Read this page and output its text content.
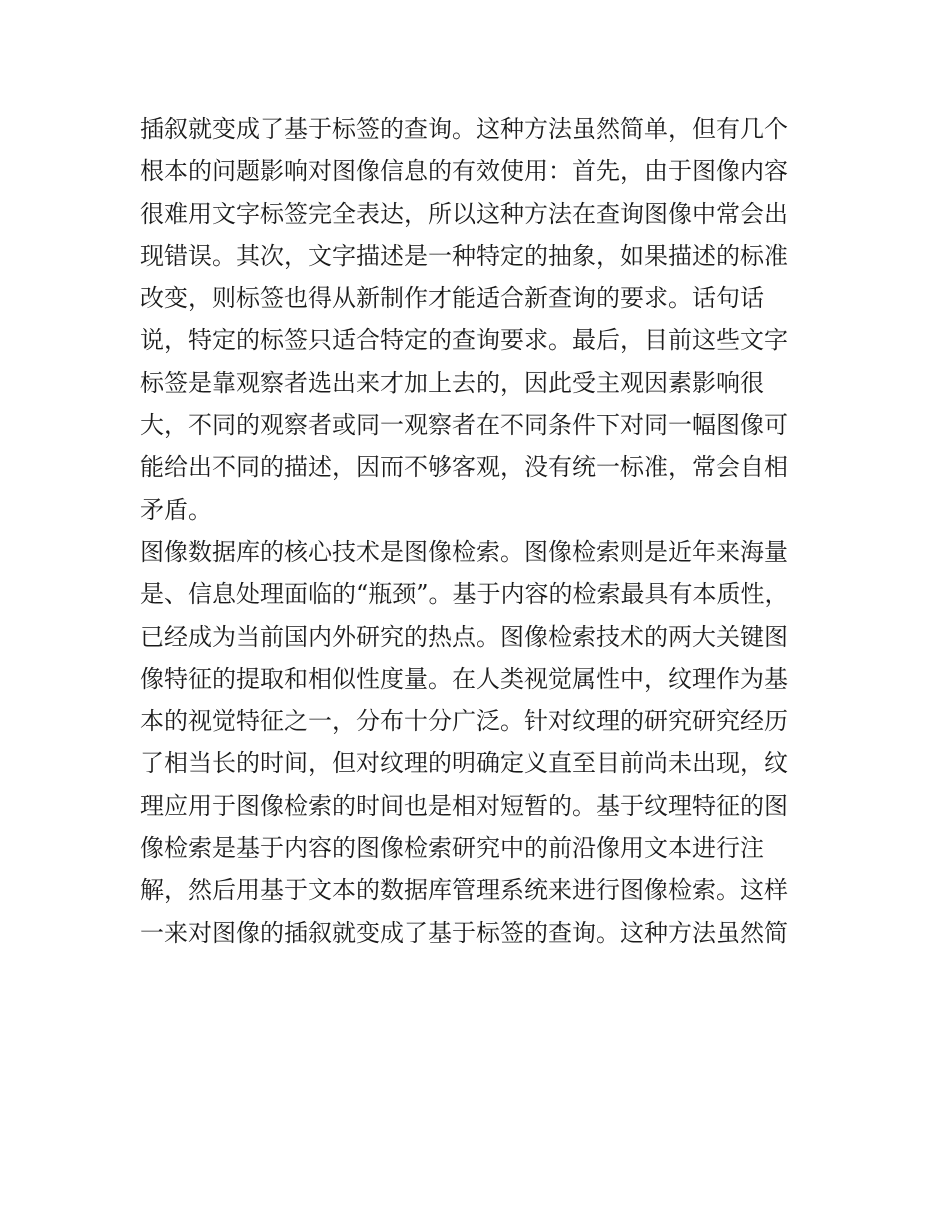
插叙就变成了基于标签的查询。这种方法虽然简单，但有几个
根本的问题影响对图像信息的有效使用：首先，由于图像内容
很难用文字标签完全表达，所以这种方法在查询图像中常会出
现错误。其次，文字描述是一种特定的抽象，如果描述的标准
改变，则标签也得从新制作才能适合新查询的要求。话句话
说，特定的标签只适合特定的查询要求。最后，目前这些文字
标签是靠观察者选出来才加上去的，因此受主观因素影响很
大，不同的观察者或同一观察者在不同条件下对同一幅图像可
能给出不同的描述，因而不够客观，没有统一标准，常会自相
矛盾。
图像数据库的核心技术是图像检索。图像检索则是近年来海量
是、信息处理面临的“瓶颈”。基于内容的检索最具有本质性，
已经成为当前国内外研究的热点。图像检索技术的两大关键图
像特征的提取和相似性度量。在人类视觉属性中，纹理作为基
本的视觉特征之一，分布十分广泛。针对纹理的研究研究经历
了相当长的时间，但对纹理的明确定义直至目前尚未出现，纹
理应用于图像检索的时间也是相对短暂的。基于纹理特征的图
像检索是基于内容的图像检索研究中的前沿像用文本进行注
解，然后用基于文本的数据库管理系统来进行图像检索。这样
一来对图像的插叙就变成了基于标签的查询。这种方法虽然简
